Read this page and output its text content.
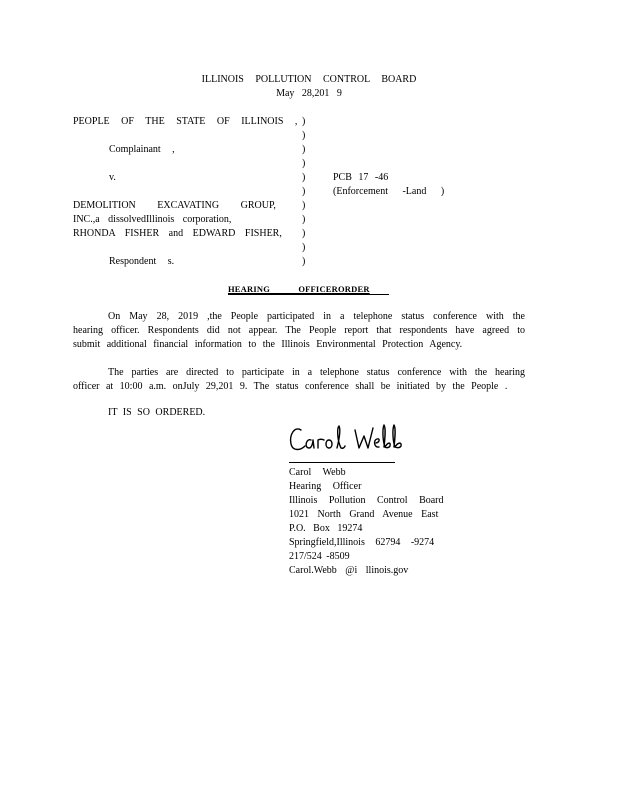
ILLINOIS POLLUTION CONTROL BOARD
May 28,201 9
PEOPLE OF THE STATE OF ILLINOIS ,
Complainant ,
v.
DEMOLITION EXCAVATING GROUP,
INC.,a dissolvedIllinois corporation,
RHONDA FISHER and EDWARD FISHER,
Respondent s.
)
)
)
)
)
)
)
)
)
)
)
PCB 17 -46
(Enforcement -Land )
HEARING OFFICERORDER
On May 28, 2019 ,the People participated in a telephone status conference with the hearing officer. Respondents did not appear. The People report that respondents have agreed to submit additional financial information to the Illinois Environmental Protection Agency.
The parties are directed to participate in a telephone status conference with the hearing officer at 10:00 a.m. onJuly 29,201 9. The status conference shall be initiated by the People .
IT IS SO ORDERED.
Carol Webb
Hearing Officer
Illinois Pollution Control Board
1021 North Grand Avenue East
P.O. Box 19274
Springfield,Illinois 62794 -9274
217/524 -8509
Carol.Webb @i llinois.gov
